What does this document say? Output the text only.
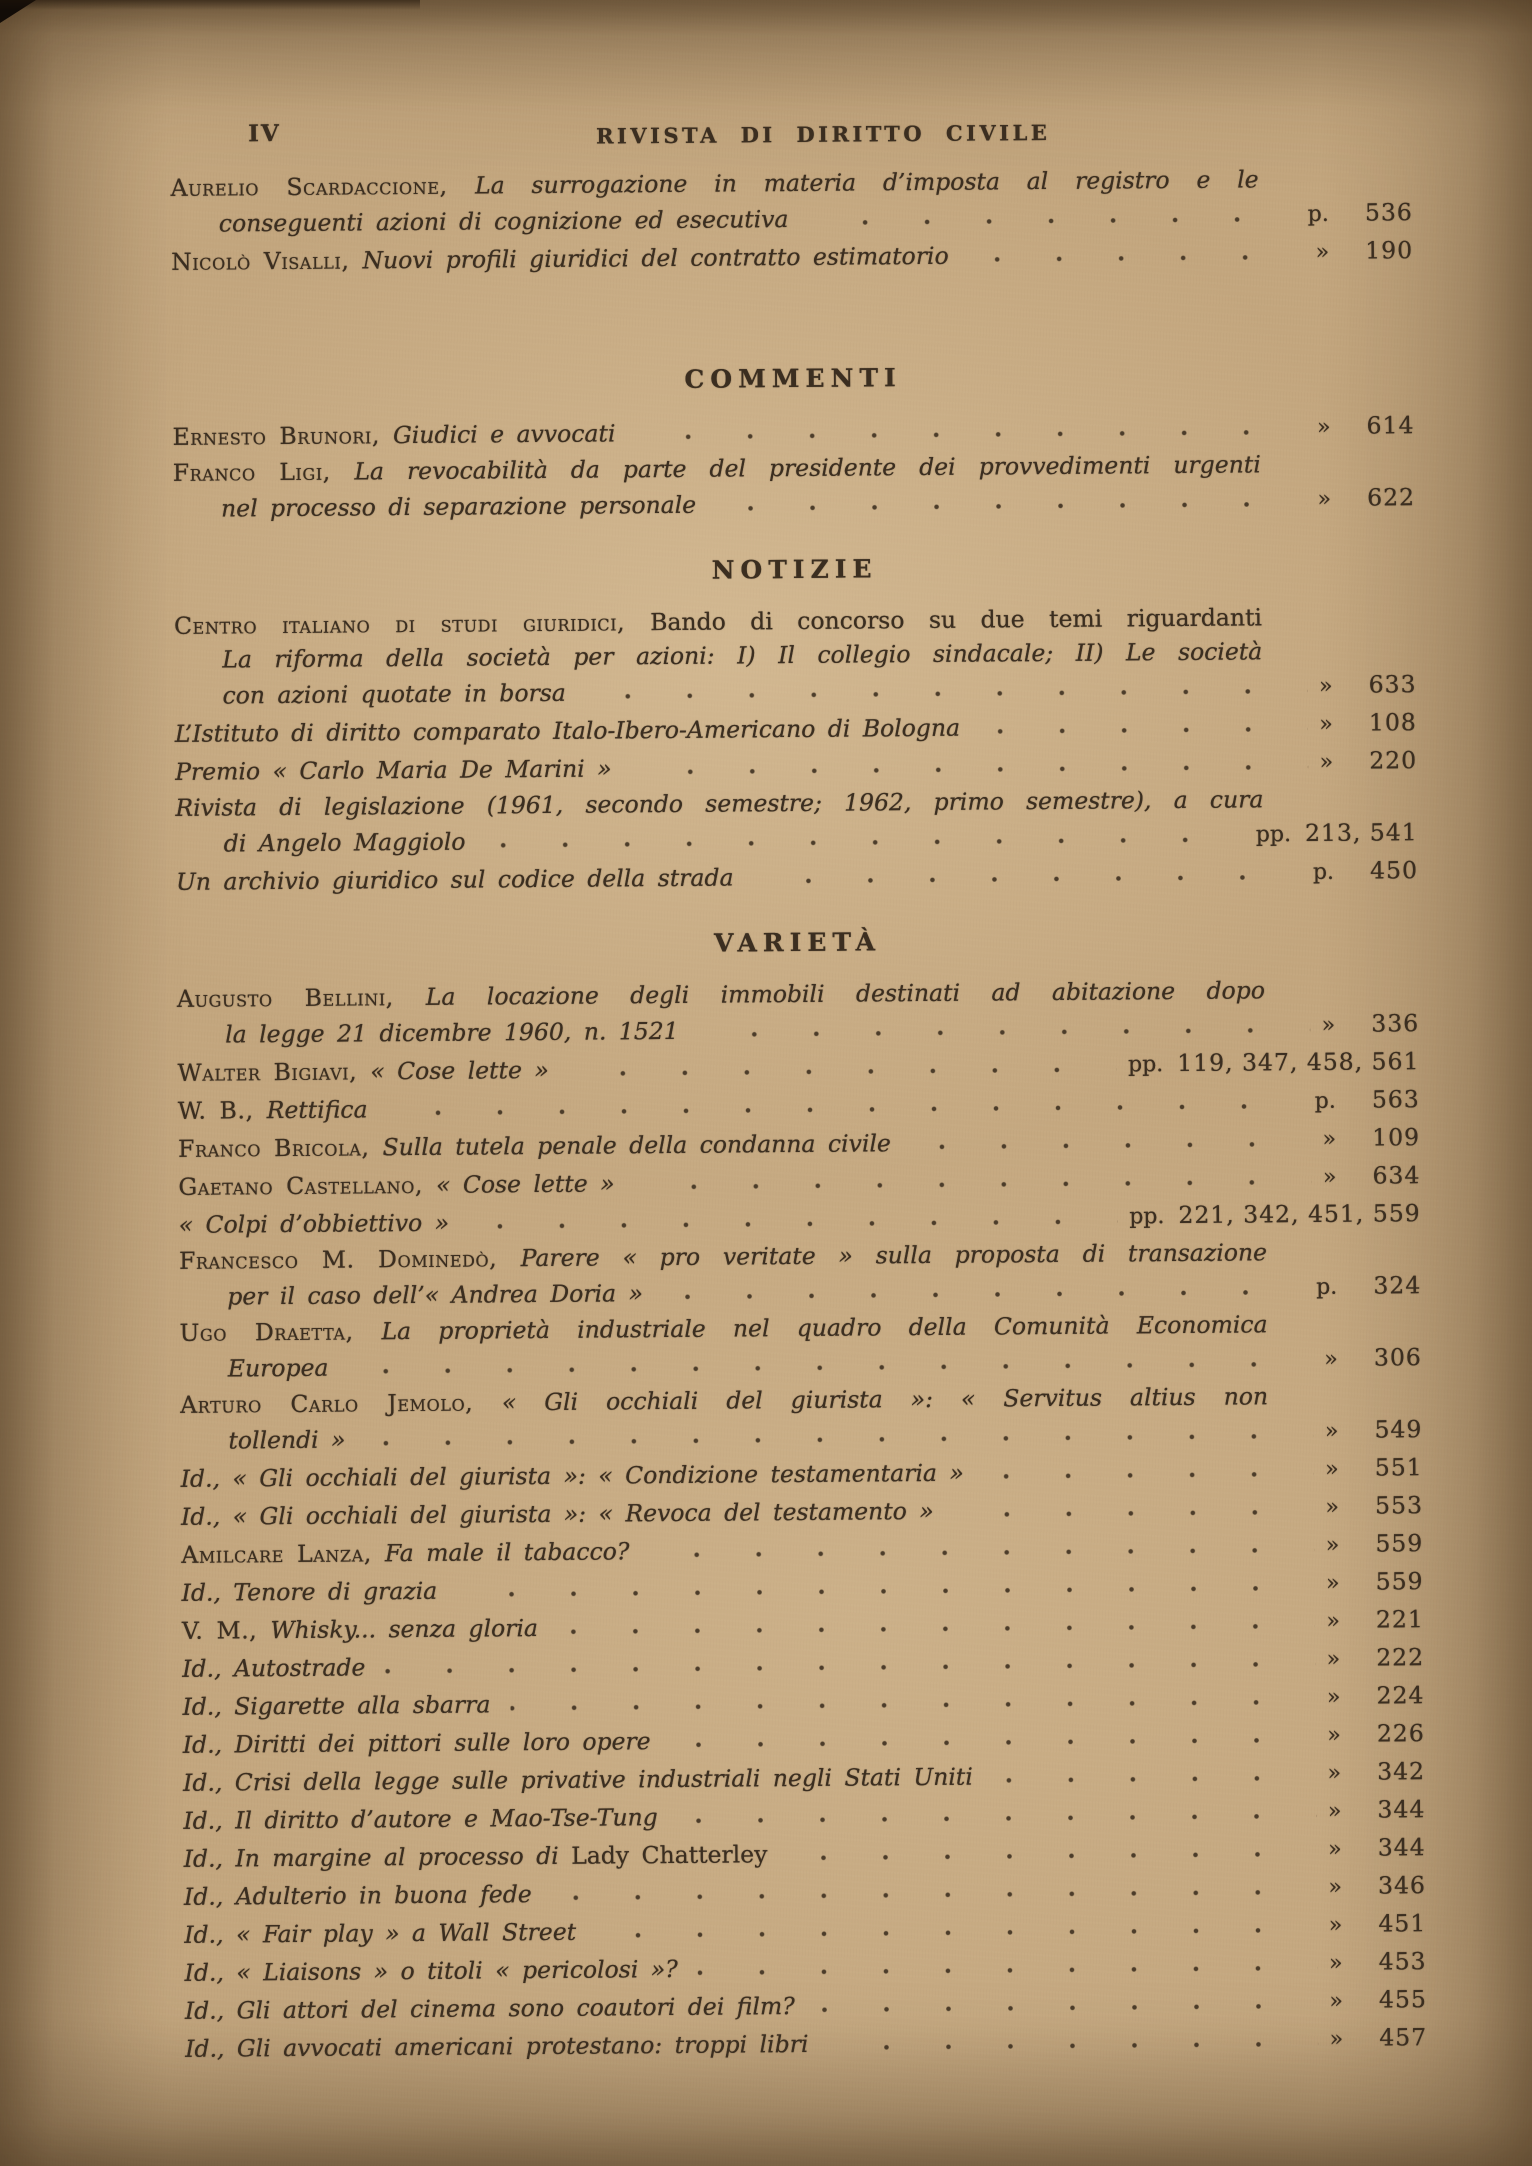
IV	RIVISTA DI DIRITTO CIVILE
Aurelio Scardaccione, La surrogazione in materia d’imposta al registro e le
conseguenti azioni di cognizione ed esecutiva	p.	536
Nicolò Visalli, Nuovi profili giuridici del contratto estimatorio	»	190
COMMENTI
Ernesto Brunori, Giudici e avvocati	»	614
Franco Ligi, La revocabilità da parte del presidente dei provvedimenti urgenti
nel processo di separazione personale	»	622
NOTIZIE
Centro italiano di studi giuridici, Bando di concorso su due temi riguardanti
La riforma della società per azioni: I) Il collegio sindacale; II) Le società
con azioni quotate in borsa	»	633
L’Istituto di diritto comparato Italo-Ibero-Americano di Bologna	»	108
Premio « Carlo Maria De Marini »	»	220
Rivista di legislazione (1961, secondo semestre; 1962, primo semestre), a cura
di Angelo Maggiolo	pp. 213, 541
Un archivio giuridico sul codice della strada	p.	450
VARIETÀ
Augusto Bellini, La locazione degli immobili destinati ad abitazione dopo
la legge 21 dicembre 1960, n. 1521	»	336
Walter Bigiavi, « Cose lette »	pp. 119, 347, 458, 561
W. B., Rettifica	p.	563
Franco Bricola, Sulla tutela penale della condanna civile	»	109
Gaetano Castellano, « Cose lette »	»	634
« Colpi d’obbiettivo »	pp. 221, 342, 451, 559
Francesco M. Dominedò, Parere « pro veritate » sulla proposta di transazione
per il caso dell’« Andrea Doria »	p.	324
Ugo Draetta, La proprietà industriale nel quadro della Comunità Economica
Europea	»	306
Arturo Carlo Jemolo, « Gli occhiali del giurista »: « Servitus altius non
tollendi »	»	549
Id., « Gli occhiali del giurista »: « Condizione testamentaria »	»	551
Id., « Gli occhiali del giurista »: « Revoca del testamento »	»	553
Amilcare Lanza, Fa male il tabacco?	»	559
Id., Tenore di grazia	»	559
V. M., Whisky... senza gloria	»	221
Id., Autostrade	»	222
Id., Sigarette alla sbarra	»	224
Id., Diritti dei pittori sulle loro opere	»	226
Id., Crisi della legge sulle privative industriali negli Stati Uniti	»	342
Id., Il diritto d’autore e Mao-Tse-Tung	»	344
Id., In margine al processo di Lady Chatterley	»	344
Id., Adulterio in buona fede	»	346
Id., « Fair play » a Wall Street	»	451
Id., « Liaisons » o titoli « pericolosi »?	»	453
Id., Gli attori del cinema sono coautori dei film?	»	455
Id., Gli avvocati americani protestano: troppi libri	»	457
